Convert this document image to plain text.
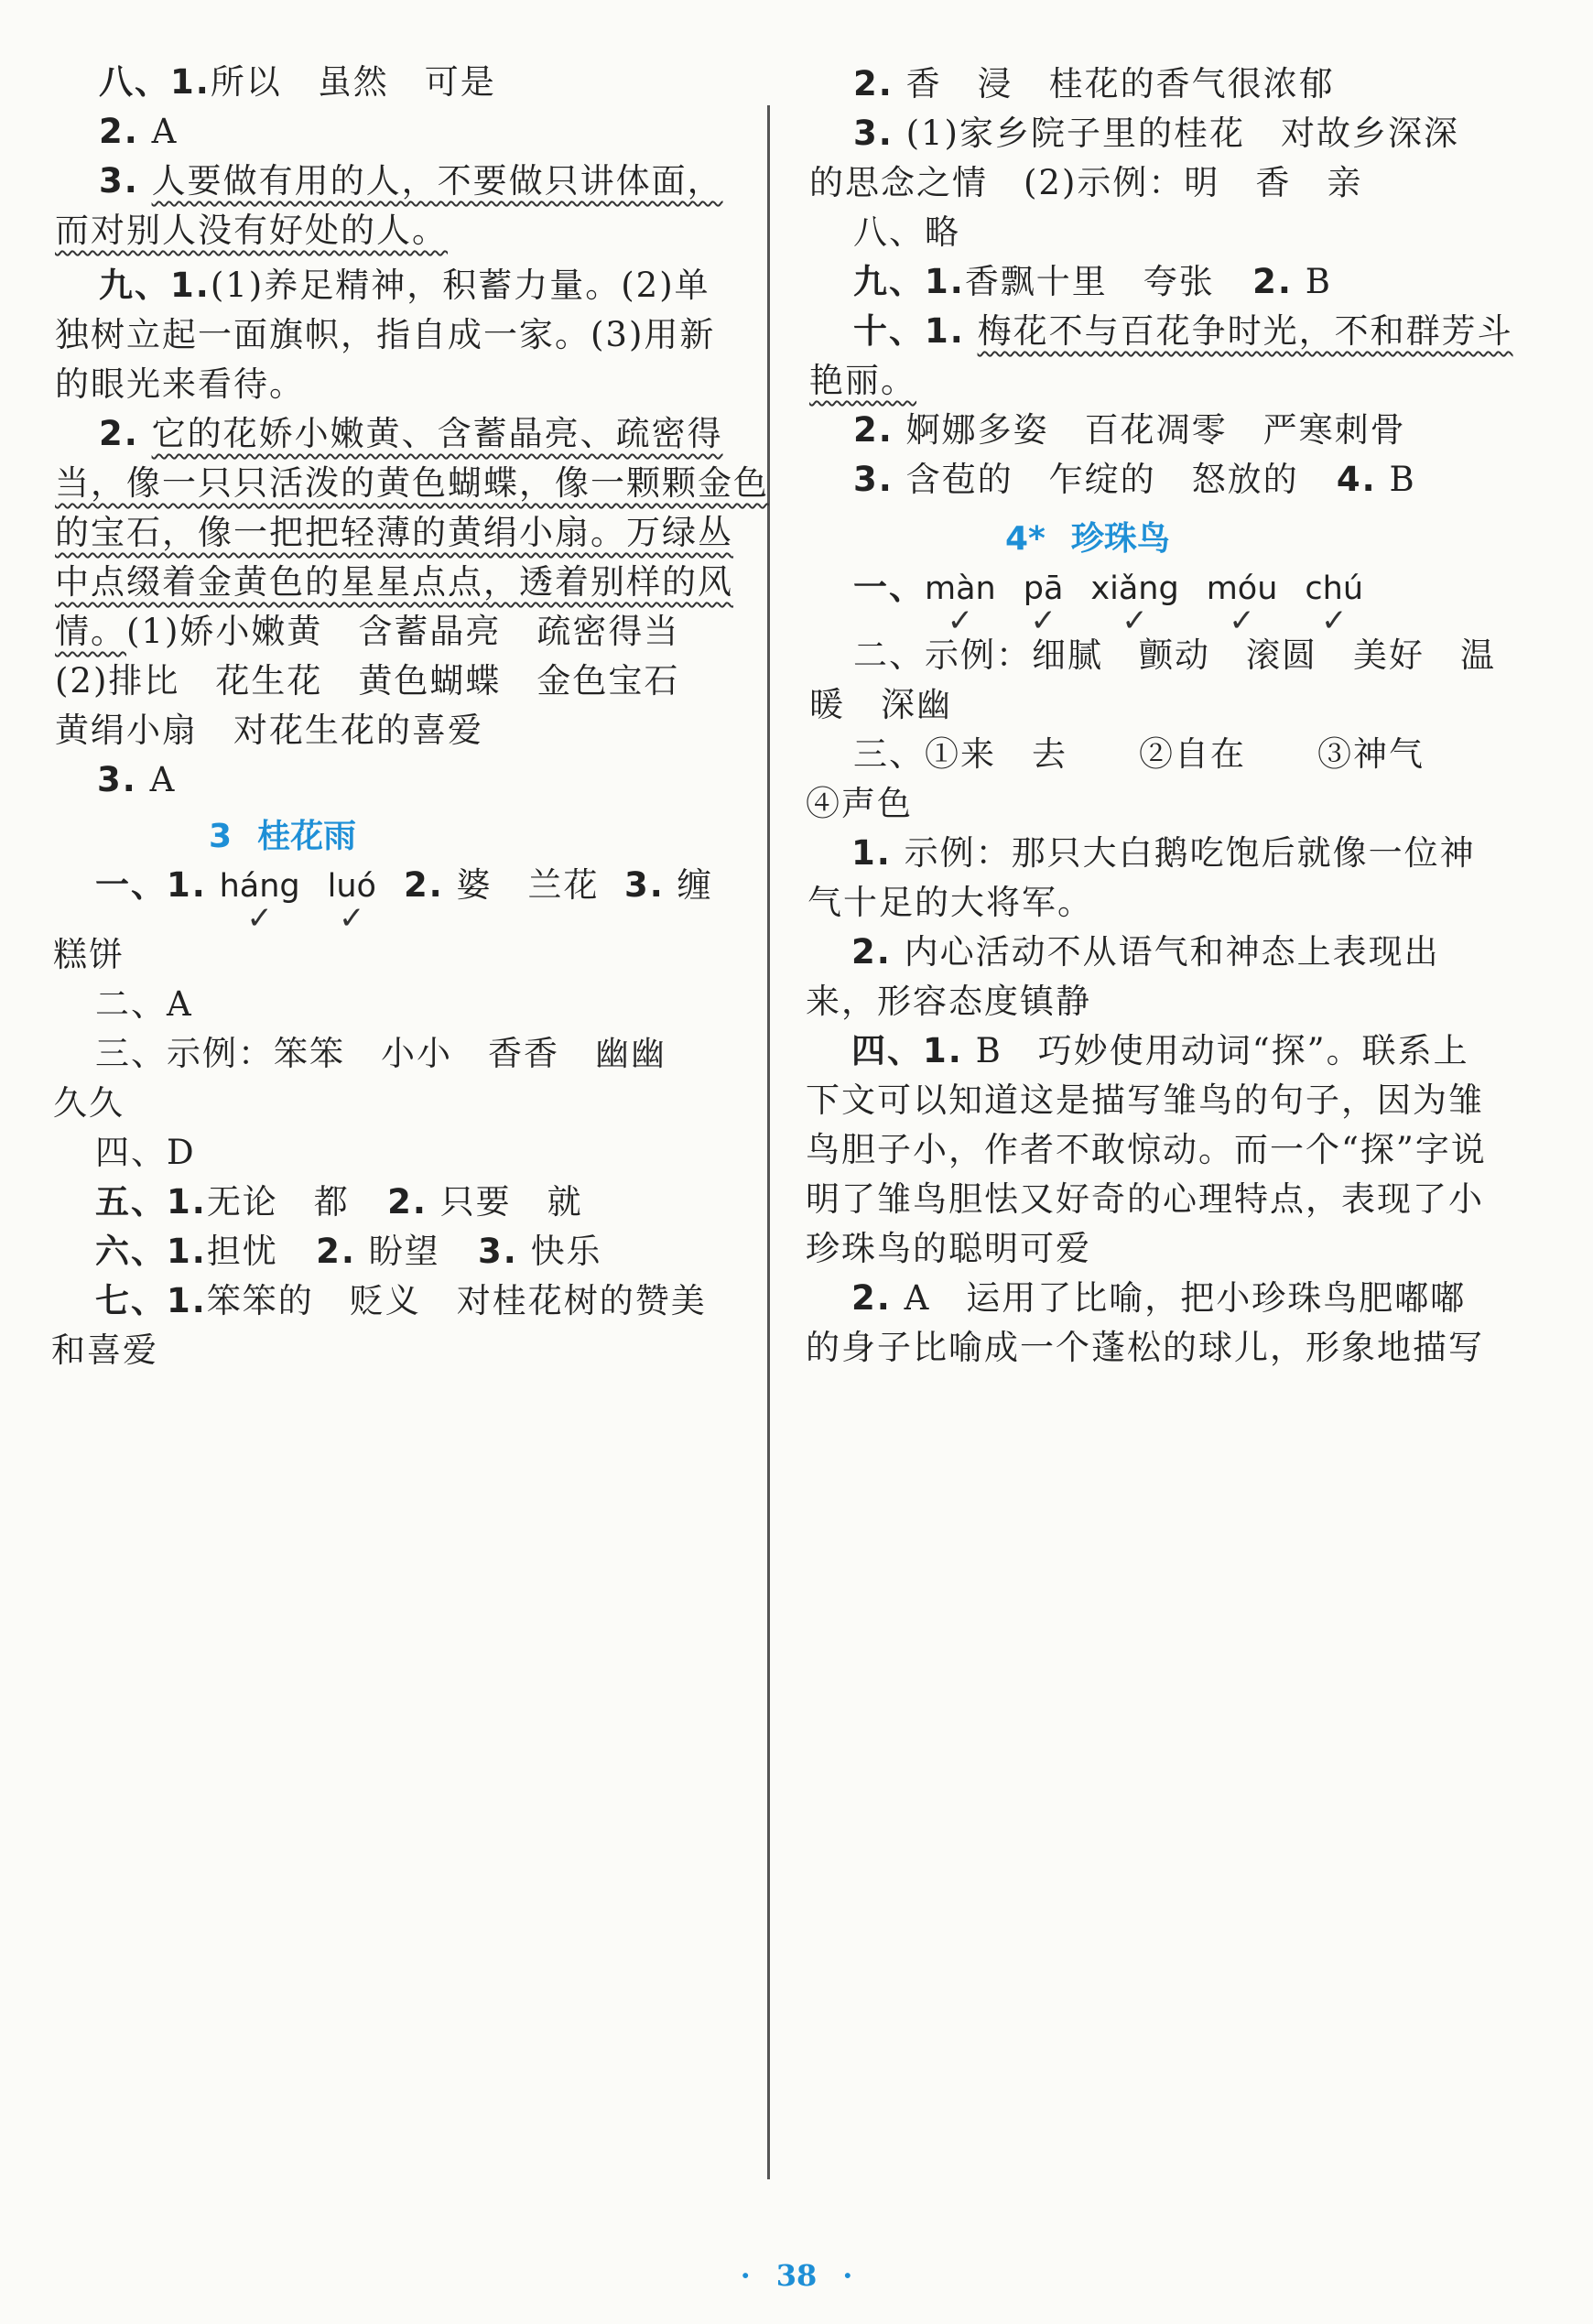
八、1.所以　虽然　可是
2. A
3. 人要做有用的人，不要做只讲体面，
而对别人没有好处的人。
九、1.(1)养足精神，积蓄力量。(2)单
独树立起一面旗帜，指自成一家。(3)用新
的眼光来看待。
2. 它的花娇小嫩黄、含蓄晶亮、疏密得
当，像一只只活泼的黄色蝴蝶，像一颗颗金色
的宝石，像一把把轻薄的黄绢小扇。万绿丛
中点缀着金黄色的星星点点，透着别样的风
情。(1)娇小嫩黄　含蓄晶亮　疏密得当
(2)排比　花生花　黄色蝴蝶　金色宝石
黄绢小扇　对花生花的喜爱
3. A
3 桂花雨
一、1. háng
✓
luó
✓
2. 婆　兰花 3. 缠
糕饼
二、A
三、示例：笨笨　小小　香香　幽幽
久久
四、D
五、1.无论　都 2. 只要　就
六、1.担忧 2. 盼望 3. 快乐
七、1.笨笨的　贬义　对桂花树的赞美
和喜爱
2. 香　浸　桂花的香气很浓郁
3. (1)家乡院子里的桂花　对故乡深深
的思念之情　(2)示例：明　香　亲
八、略
九、1.香飘十里　夸张 2. B
十、1. 梅花不与百花争时光，不和群芳斗
艳丽。
2. 婀娜多姿　百花凋零　严寒刺骨
3. 含苞的　乍绽的　怒放的 4. B
4* 珍珠鸟
一、màn
✓
pā
✓
xiǎng
✓
móu
✓
chú
✓
二、示例：细腻　颤动　滚圆　美好　温
暖　深幽
三、①来　去　　②自在　　③神气
④声色
1. 示例：那只大白鹅吃饱后就像一位神
气十足的大将军。
2. 内心活动不从语气和神态上表现出
来，形容态度镇静
四、1. B　巧妙使用动词“探”。联系上
下文可以知道这是描写雏鸟的句子，因为雏
鸟胆子小，作者不敢惊动。而一个“探”字说
明了雏鸟胆怯又好奇的心理特点，表现了小
珍珠鸟的聪明可爱
2. A　运用了比喻，把小珍珠鸟肥嘟嘟
的身子比喻成一个蓬松的球儿，形象地描写
· 38 ·
